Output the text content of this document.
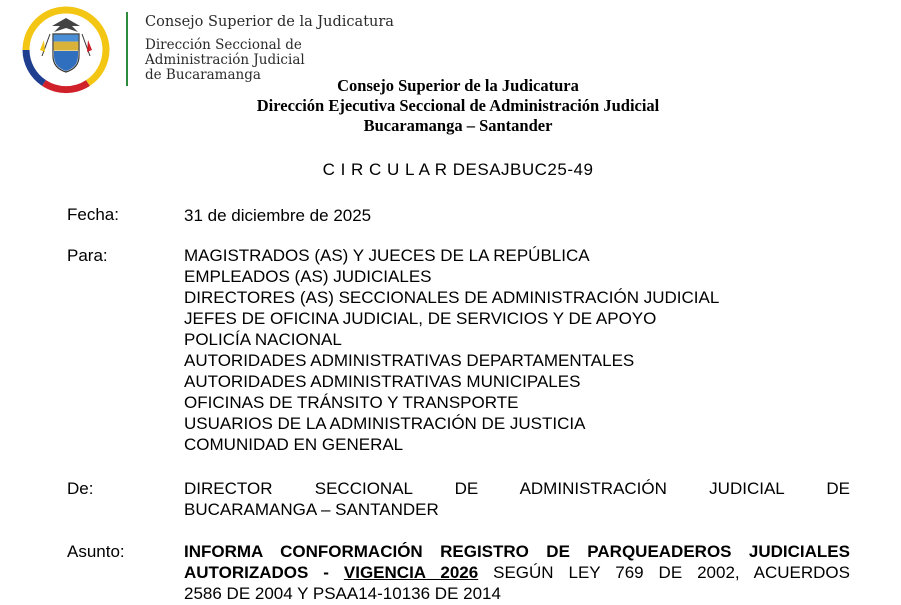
Consejo Superior de la Judicatura
Dirección Seccional de
Administración Judicial
de Bucaramanga
Consejo Superior de la Judicatura
Dirección Ejecutiva Seccional de Administración Judicial
Bucaramanga – Santander
C I R C U L A R DESAJBUC25-49
Fecha:	31 de diciembre de 2025
Para:	MAGISTRADOS (AS) Y JUECES DE LA REPÚBLICA
EMPLEADOS (AS) JUDICIALES
DIRECTORES (AS) SECCIONALES DE ADMINISTRACIÓN JUDICIAL
JEFES DE OFICINA JUDICIAL, DE SERVICIOS Y DE APOYO
POLICÍA NACIONAL
AUTORIDADES ADMINISTRATIVAS DEPARTAMENTALES
AUTORIDADES ADMINISTRATIVAS MUNICIPALES
OFICINAS DE TRÁNSITO Y TRANSPORTE
USUARIOS DE LA ADMINISTRACIÓN DE JUSTICIA
COMUNIDAD EN GENERAL
De:	DIRECTOR SECCIONAL DE ADMINISTRACIÓN JUDICIAL DE
BUCARAMANGA – SANTANDER
Asunto:	INFORMA CONFORMACIÓN REGISTRO DE PARQUEADEROS JUDICIALES
AUTORIZADOS - VIGENCIA 2026 SEGÚN LEY 769 DE 2002, ACUERDOS
2586 DE 2004 Y PSAA14-10136 DE 2014
